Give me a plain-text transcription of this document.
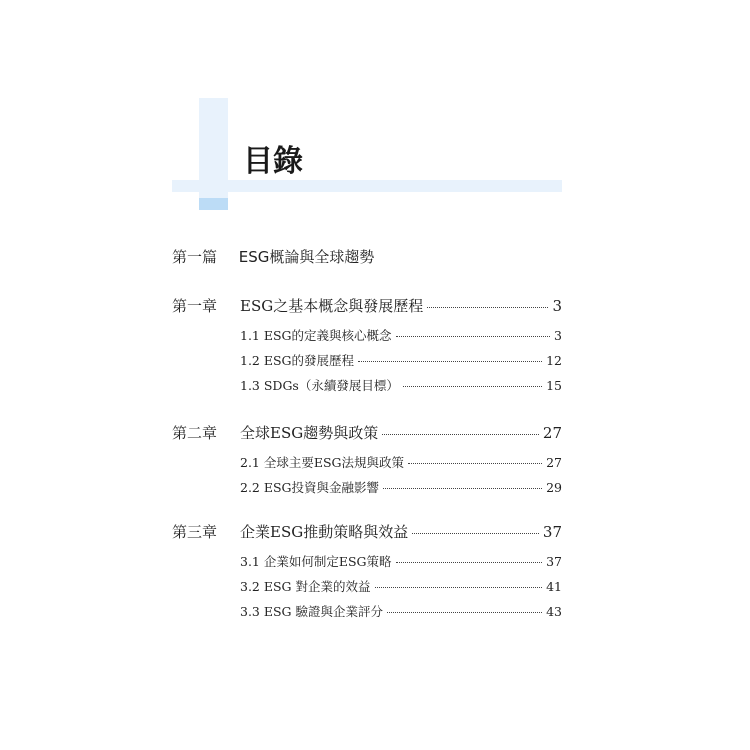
目錄
第一篇 ESG概論與全球趨勢
第一章	ESG之基本概念與發展歷程	3
1.1 ESG的定義與核心概念	3
1.2 ESG的發展歷程	12
1.3 SDGs（永續發展目標）	15
第二章	全球ESG趨勢與政策	27
2.1 全球主要ESG法規與政策	27
2.2 ESG投資與金融影響	29
第三章	企業ESG推動策略與效益	37
3.1 企業如何制定ESG策略	37
3.2 ESG 對企業的效益	41
3.3 ESG 驗證與企業評分	43
